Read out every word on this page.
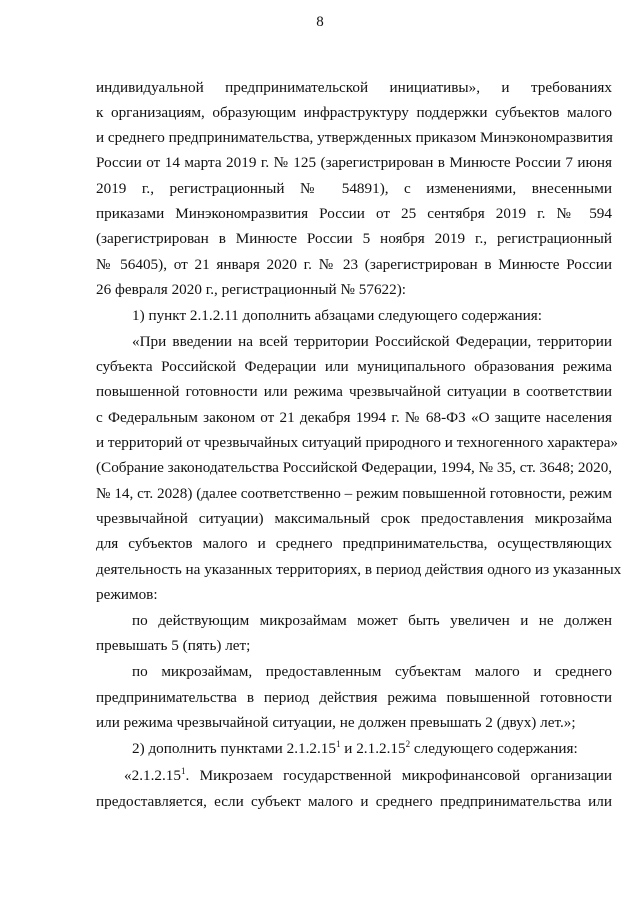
8
индивидуальной предпринимательской инициативы», и требованиях
к организациям, образующим инфраструктуру поддержки субъектов малого
и среднего предпринимательства, утвержденных приказом Минэкономразвития
России от 14 марта 2019 г. № 125 (зарегистрирован в Минюсте России 7 июня
2019 г., регистрационный № 54891), с изменениями, внесенными
приказами Минэкономразвития России от 25 сентября 2019 г. № 594
(зарегистрирован в Минюсте России 5 ноября 2019 г., регистрационный
№ 56405), от 21 января 2020 г. № 23 (зарегистрирован в Минюсте России
26 февраля 2020 г., регистрационный № 57622):
1) пункт 2.1.2.11 дополнить абзацами следующего содержания:
«При введении на всей территории Российской Федерации, территории
субъекта Российской Федерации или муниципального образования режима
повышенной готовности или режима чрезвычайной ситуации в соответствии
с Федеральным законом от 21 декабря 1994 г. № 68-ФЗ «О защите населения
и территорий от чрезвычайных ситуаций природного и техногенного характера»
(Собрание законодательства Российской Федерации, 1994, № 35, ст. 3648; 2020,
№ 14, ст. 2028) (далее соответственно – режим повышенной готовности, режим
чрезвычайной ситуации) максимальный срок предоставления микрозайма
для субъектов малого и среднего предпринимательства, осуществляющих
деятельность на указанных территориях, в период действия одного из указанных
режимов:
по действующим микрозаймам может быть увеличен и не должен
превышать 5 (пять) лет;
по микрозаймам, предоставленным субъектам малого и среднего
предпринимательства в период действия режима повышенной готовности
или режима чрезвычайной ситуации, не должен превышать 2 (двух) лет.»;
2) дополнить пунктами 2.1.2.15$^1$ и 2.1.2.15$^2$ следующего содержания:
«2.1.2.15$^1$. Микрозаем государственной микрофинансовой организации
предоставляется, если субъект малого и среднего предпринимательства или
